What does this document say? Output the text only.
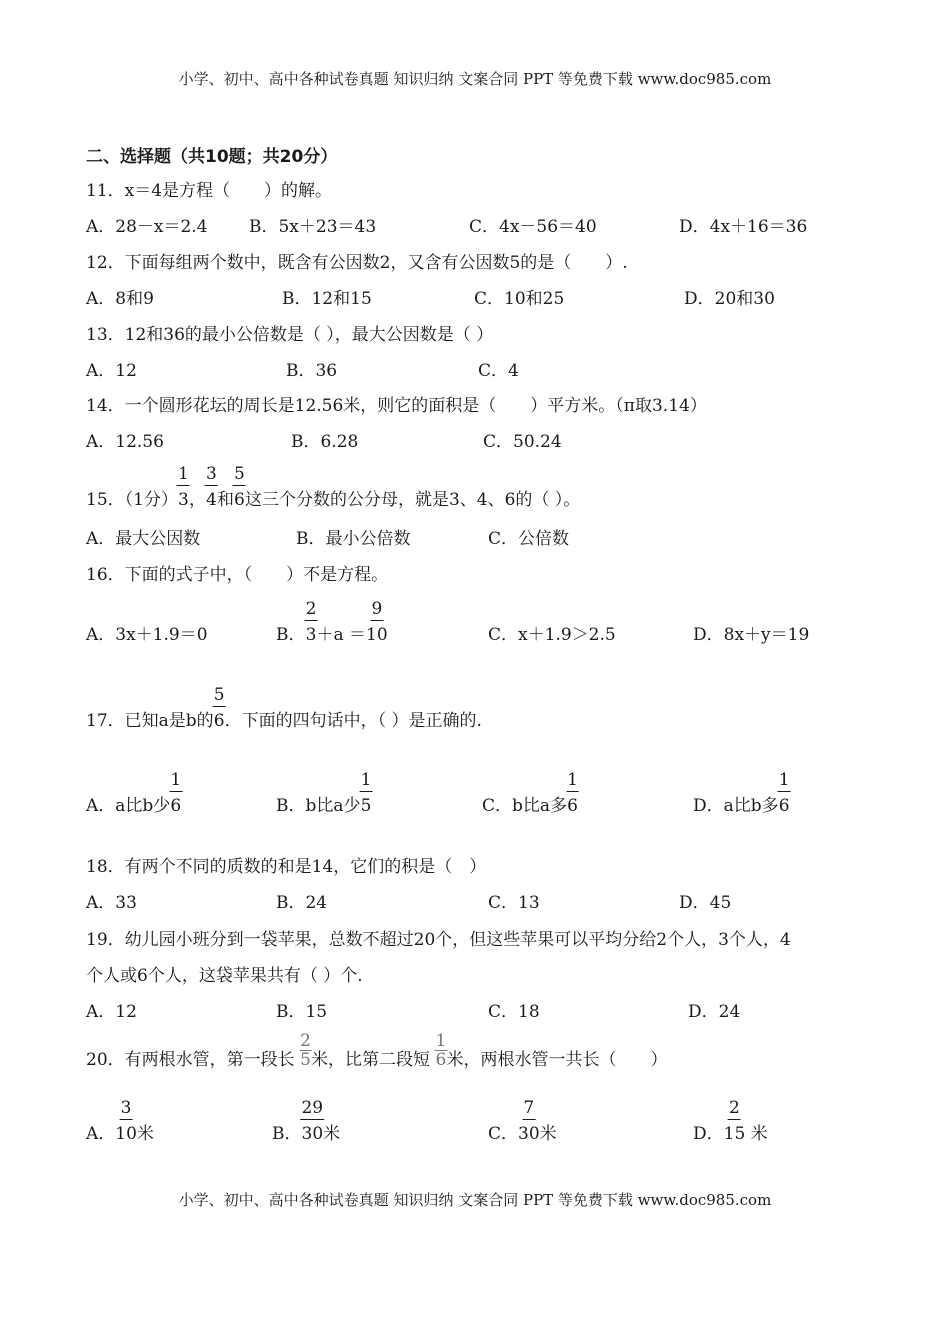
小学、初中、高中各种试卷真题 知识归纳 文案合同 PPT 等免费下载 www.doc985.com
二、选择题（共10题；共20分）
11．x＝4是方程（　　）的解。
A．28－x＝2.4 B．5x＋23＝43	C．4x－56＝40	D．4x＋16＝36
12．下面每组两个数中，既含有公因数2，又含有公因数5的是（　　）.
A．8和9	B．12和15	C．10和25	D．20和30
13．12和36的最小公倍数是（ ），最大公因数是（ ）
A．12	B．36	C．4
14．一个圆形花坛的周长是12.56米，则它的面积是（　　）平方米。（π取3.14）
A．12.56	B．6.28	C．50.24
15．（1分） $\frac{1}{3}$， $\frac{3}{4}$和 $\frac{5}{6}$这三个分数的公分母，就是3、4、6的（ ）。
A．最大公因数	B．最小公倍数	C．公倍数
16．下面的式子中，（　　）不是方程。
A．3x＋1.9＝0	B． $\frac{2}{3}+a = \frac{9}{10}$	C．x＋1.9＞2.5	D．8x＋y＝19
17．已知a是b的 $\frac{5}{6}$．下面的四句话中，（ ）是正确的.
A．a比b少 $\frac{1}{6}$	B．b比a少 $\frac{1}{5}$	C．b比a多 $\frac{1}{6}$	D．a比b多 $\frac{1}{6}$
18．有两个不同的质数的和是14，它们的积是（　）
A．33	B．24	C．13	D．45
19．幼儿园小班分到一袋苹果，总数不超过20个，但这些苹果可以平均分给2个人，3个人，4
个人或6个人，这袋苹果共有（ ）个.
A．12	B．15	C．18	D．24
20．有两根水管，第一段长 $\frac{2}{5}$米，比第二段短 $\frac{1}{6}$米，两根水管一共长（　　）
A． $\frac{3}{10}$米	B． $\frac{29}{30}$米	C． $\frac{7}{30}$米	D． $\frac{2}{15}$ 米
小学、初中、高中各种试卷真题 知识归纳 文案合同 PPT 等免费下载 www.doc985.com
